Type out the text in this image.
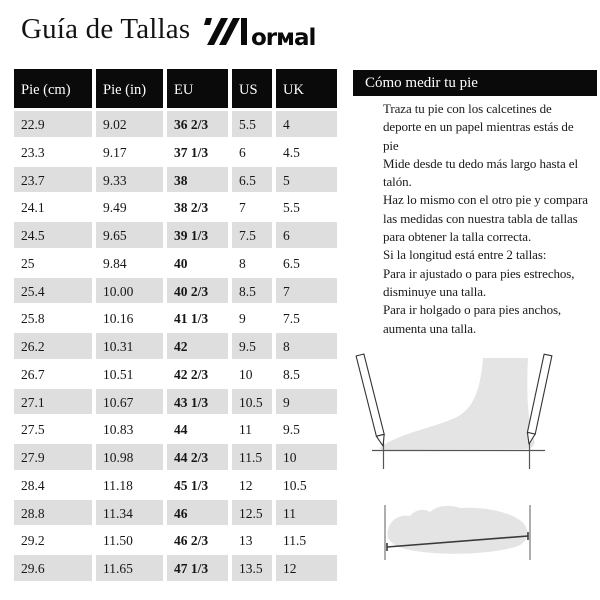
Guía de Tallas	orмal
Pie (cm)	Pie (in)	EU	US	UK
22.9	9.02	36 2/3	5.5	4
23.3	9.17	37 1/3	6	4.5
23.7	9.33	38	6.5	5
24.1	9.49	38 2/3	7	5.5
24.5	9.65	39 1/3	7.5	6
25	9.84	40	8	6.5
25.4	10.00	40 2/3	8.5	7
25.8	10.16	41 1/3	9	7.5
26.2	10.31	42	9.5	8
26.7	10.51	42 2/3	10	8.5
27.1	10.67	43 1/3	10.5	9
27.5	10.83	44	11	9.5
27.9	10.98	44 2/3	11.5	10
28.4	11.18	45 1/3	12	10.5
28.8	11.34	46	12.5	11
29.2	11.50	46 2/3	13	11.5
29.6	11.65	47 1/3	13.5	12
Cómo medir tu pie
Traza tu pie con los calcetines de
deporte en un papel mientras estás de
pie
Mide desde tu dedo más largo hasta el
talón.
Haz lo mismo con el otro pie y compara
las medidas con nuestra tabla de tallas
para obtener la talla correcta.
Si la longitud está entre 2 tallas:
Para ir ajustado o para pies estrechos,
disminuye una talla.
Para ir holgado o para pies anchos,
aumenta una talla.
